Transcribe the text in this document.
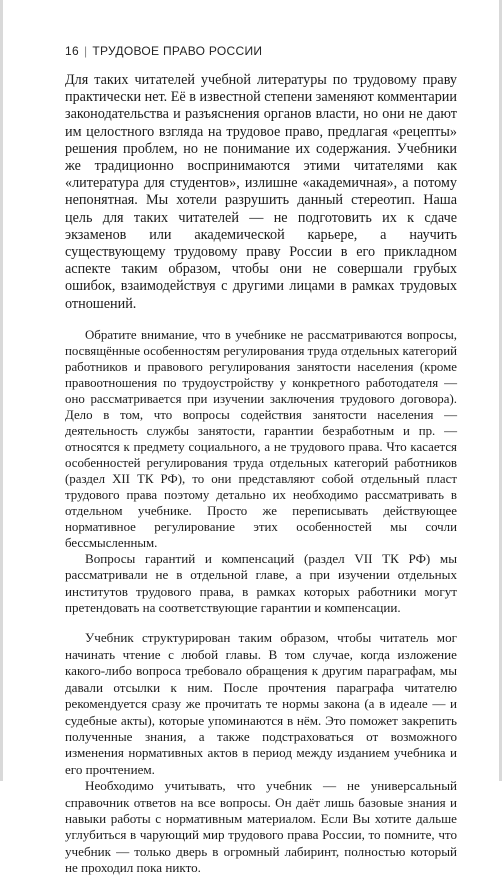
16 | ТРУДОВОЕ ПРАВО РОССИИ

Для таких читателей учебной литературы по трудовому праву практически нет. Её в известной степени заменяют комментарии законодательства и разъяснения органов власти, но они не дают им целостного взгляда на трудовое право, предлагая «рецепты» решения проблем, но не понимание их содержания. Учебники же традиционно воспринимаются этими читателями как «литература для студентов», излишне «академичная», а потому непонятная. Мы хотели разрушить данный стереотип. Наша цель для таких читателей — не подготовить их к сдаче экзаменов или академической карьере, а научить существующему трудовому праву России в его прикладном аспекте таким образом, чтобы они не совершали грубых ошибок, взаимодействуя с другими лицами в рамках трудовых отношений.

Обратите внимание, что в учебнике не рассматриваются вопросы, посвящённые особенностям регулирования труда отдельных категорий работников и правового регулирования занятости населения (кроме правоотношения по трудоустройству у конкретного работодателя — оно рассматривается при изучении заключения трудового договора). Дело в том, что вопросы содействия занятости населения — деятельность службы занятости, гарантии безработным и пр. — относятся к предмету социального, а не трудового права. Что касается особенностей регулирования труда отдельных категорий работников (раздел XII ТК РФ), то они представляют собой отдельный пласт трудового права поэтому детально их необходимо рассматривать в отдельном учебнике. Просто же переписывать действующее нормативное регулирование этих особенностей мы сочли бессмысленным.

Вопросы гарантий и компенсаций (раздел VII ТК РФ) мы рассматривали не в отдельной главе, а при изучении отдельных институтов трудового права, в рамках которых работники могут претендовать на соответствующие гарантии и компенсации.

Учебник структурирован таким образом, чтобы читатель мог начинать чтение с любой главы. В том случае, когда изложение какого-либо вопроса требовало обращения к другим параграфам, мы давали отсылки к ним. После прочтения параграфа читателю рекомендуется сразу же прочитать те нормы закона (а в идеале — и судебные акты), которые упоминаются в нём. Это поможет закрепить полученные знания, а также подстраховаться от возможного изменения нормативных актов в период между изданием учебника и его прочтением.

Необходимо учитывать, что учебник — не универсальный справочник ответов на все вопросы. Он даёт лишь базовые знания и навыки работы с нормативным материалом. Если Вы хотите дальше углубиться в чарующий мир трудового права России, то помните, что учебник — только дверь в огромный лабиринт, полностью который не проходил пока никто.
